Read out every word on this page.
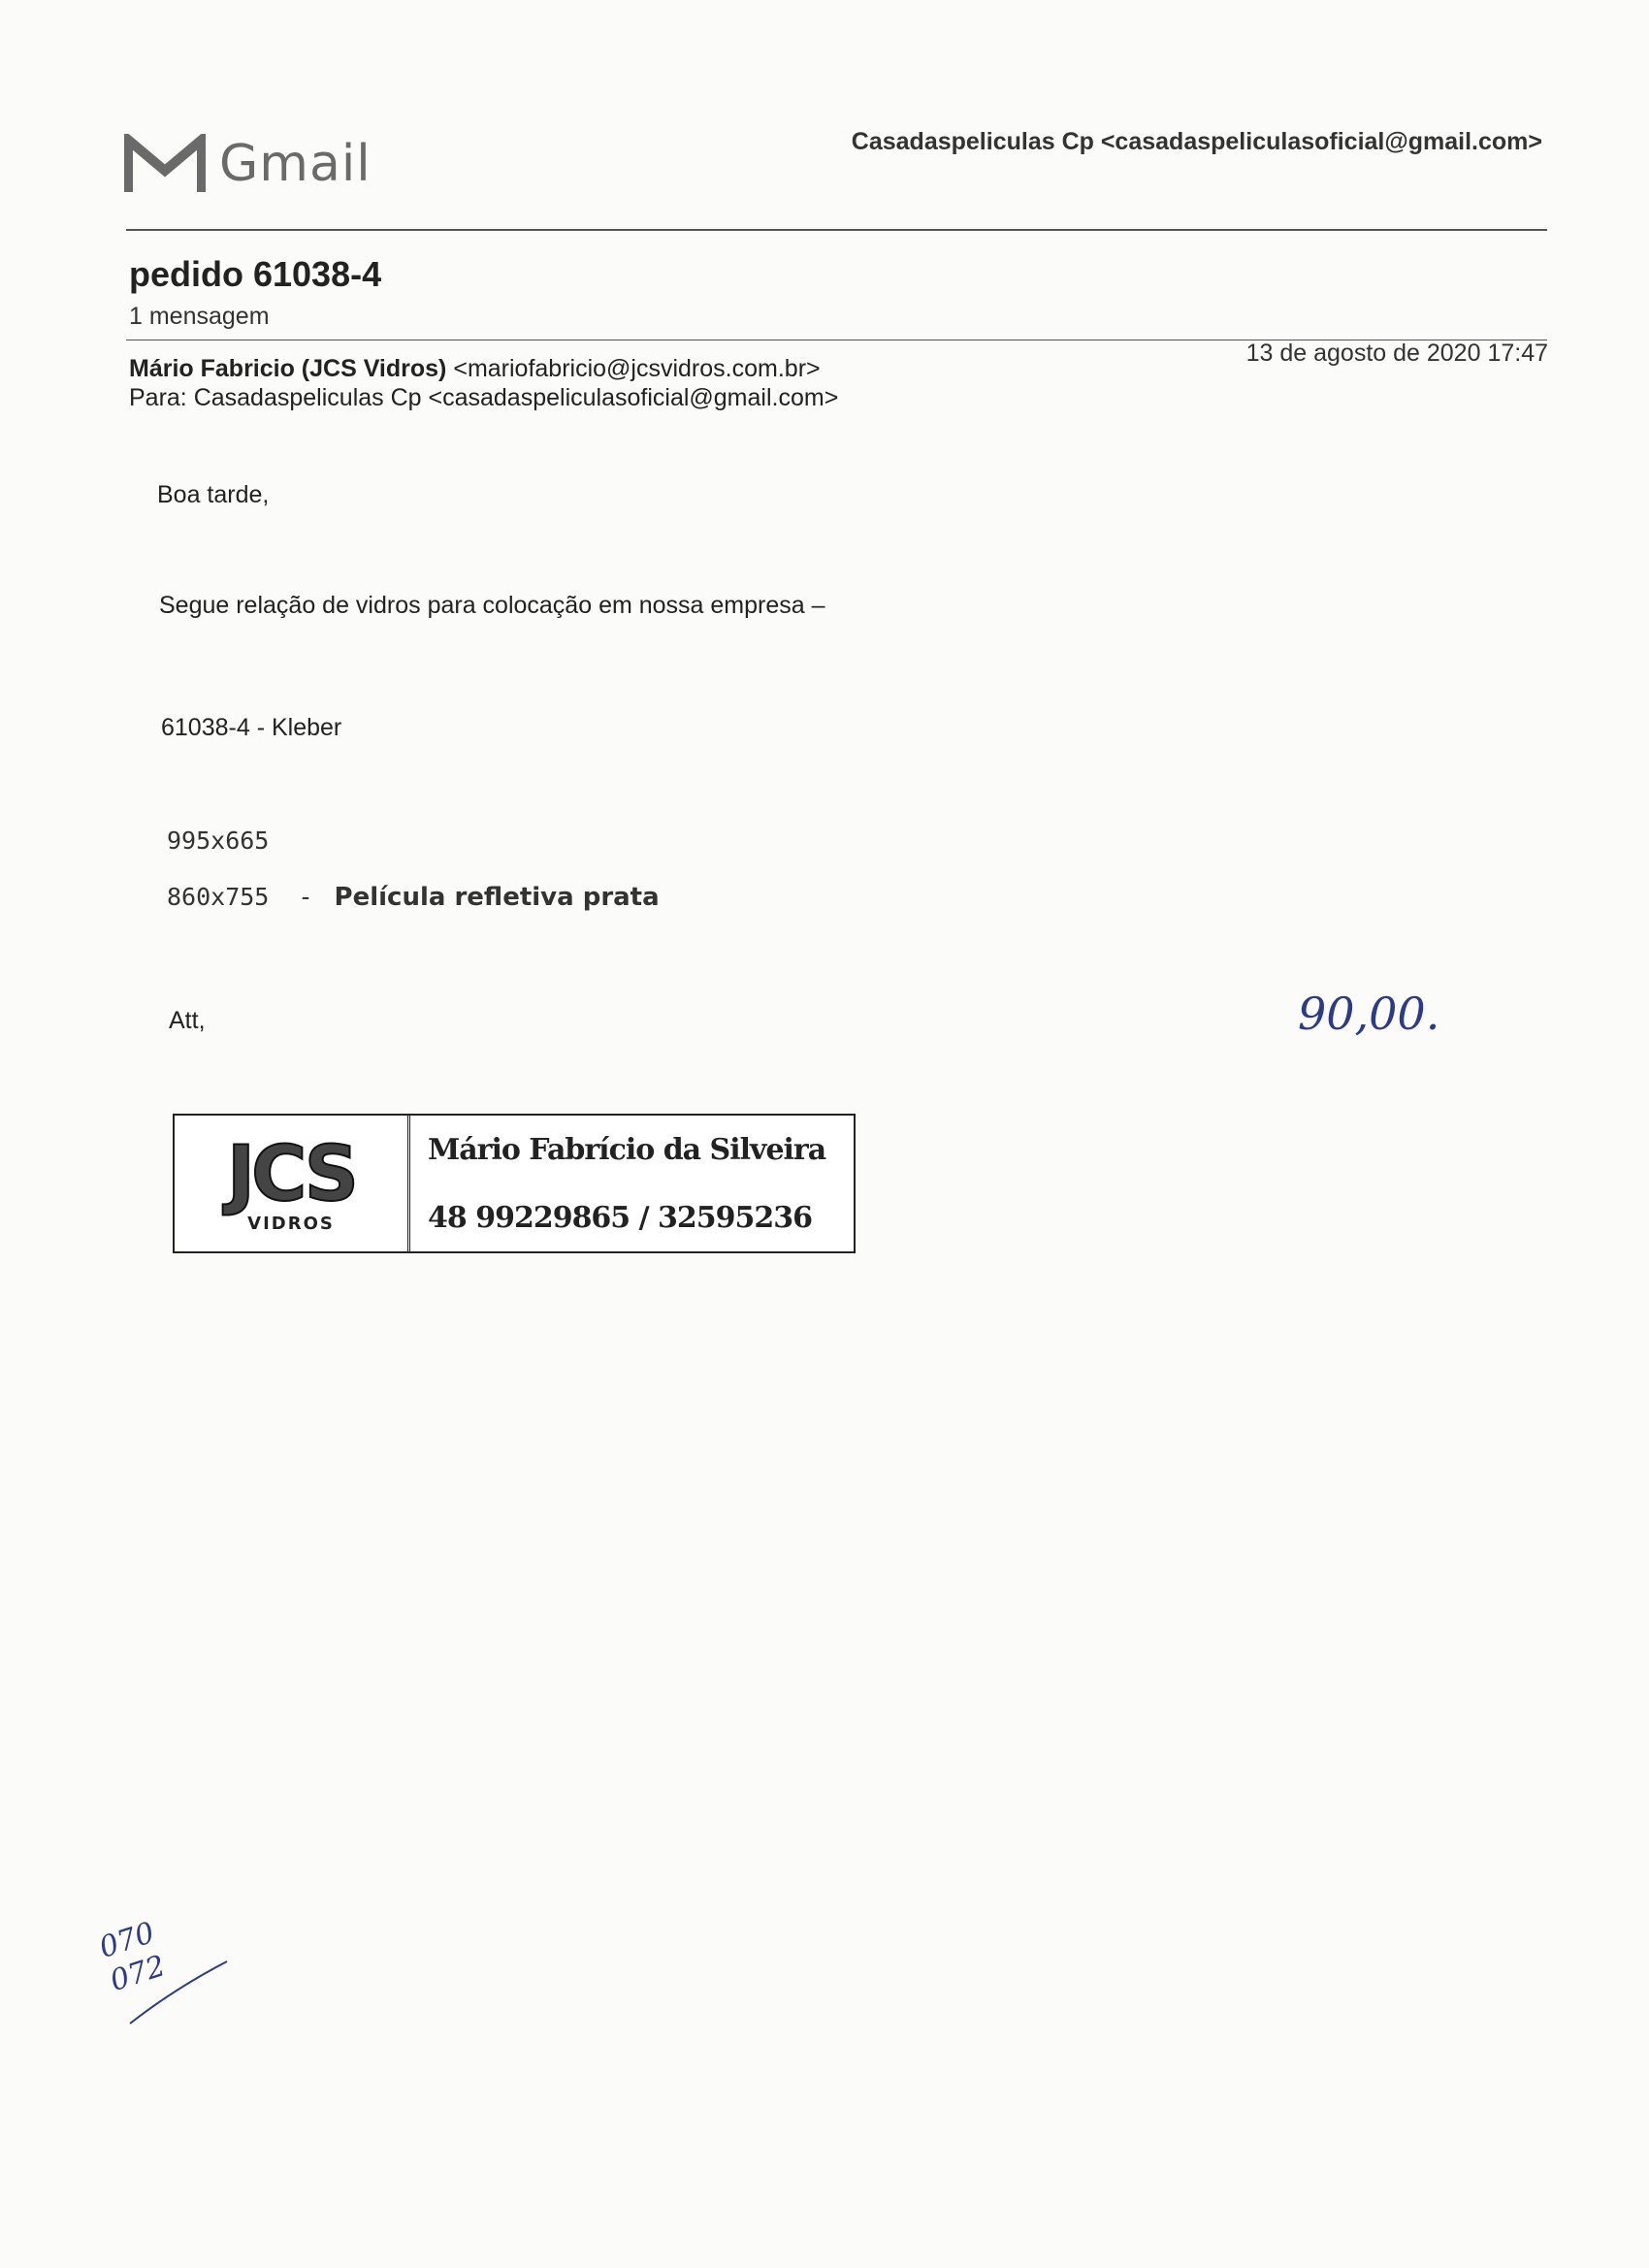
Gmail	Casadaspeliculas Cp <casadaspeliculasoficial@gmail.com>
pedido 61038-4
1 mensagem
Mário Fabricio (JCS Vidros) <mariofabricio@jcsvidros.com.br>
Para: Casadaspeliculas Cp <casadaspeliculasoficial@gmail.com>
13 de agosto de 2020 17:47
Boa tarde,
Segue relação de vidros para colocação em nossa empresa –
61038-4 - Kleber
995x665
860x755  - Película refletiva prata
Att,	90,00.
JCS
VIDROS
Mário Fabrício da Silveira
48 99229865 / 32595236
070
072
